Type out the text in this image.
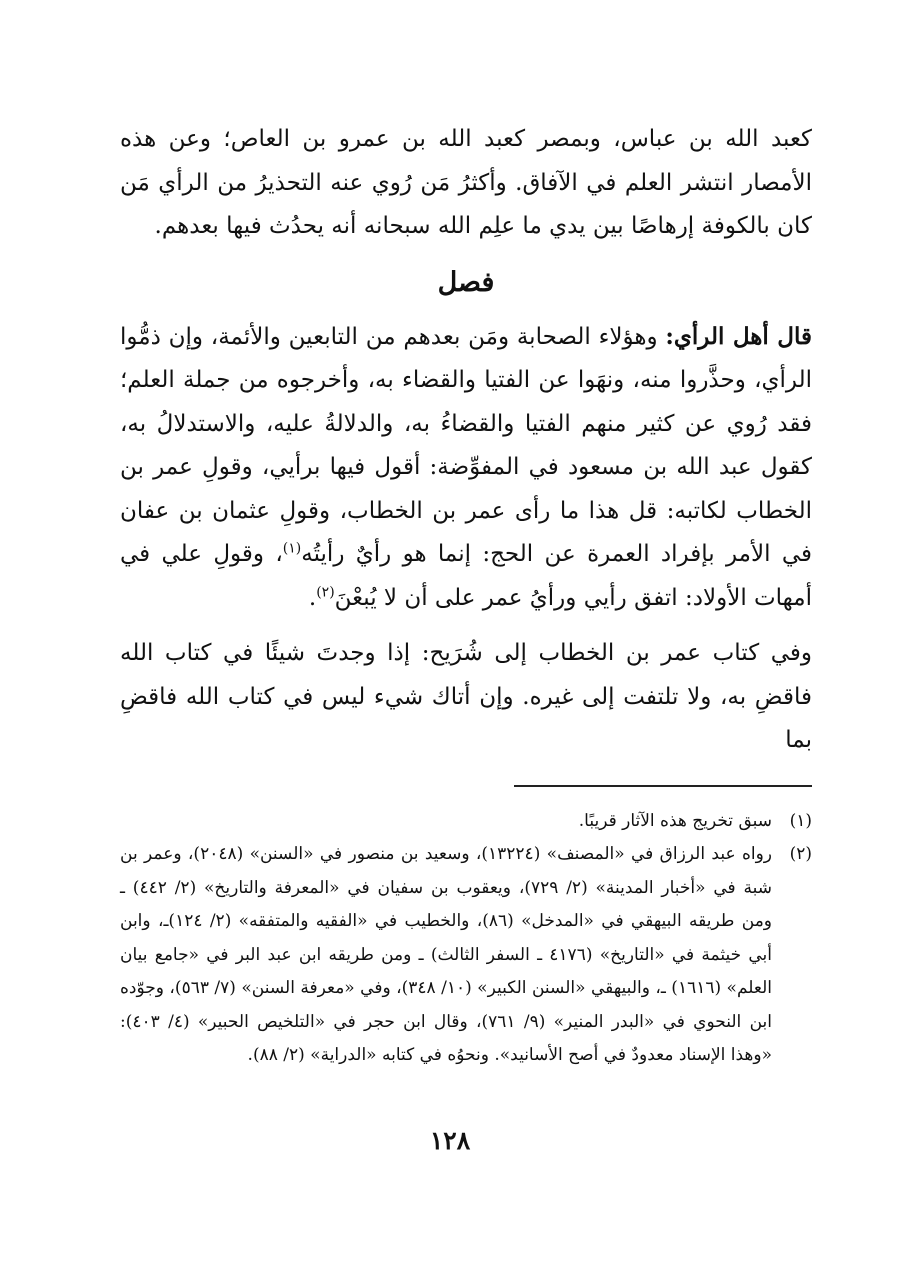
كعبد الله بن عباس، وبمصر كعبد الله بن عمرو بن العاص؛ وعن هذه الأمصار انتشر العلم في الآفاق. وأكثرُ مَن رُوي عنه التحذيرُ من الرأي مَن كان بالكوفة إرهاصًا بين يدي ما علِم الله سبحانه أنه يحدُث فيها بعدهم.

فصل

قال أهل الرأي: وهؤلاء الصحابة ومَن بعدهم من التابعين والأئمة، وإن ذمُّوا الرأي، وحذَّروا منه، ونهَوا عن الفتيا والقضاء به، وأخرجوه من جملة العلم؛ فقد رُوي عن كثير منهم الفتيا والقضاءُ به، والدلالةُ عليه، والاستدلالُ به، كقول عبد الله بن مسعود في المفوِّضة: أقول فيها برأيي، وقولِ عمر بن الخطاب لكاتبه: قل هذا ما رأى عمر بن الخطاب، وقولِ عثمان بن عفان في الأمر بإفراد العمرة عن الحج: إنما هو رأيٌ رأيتُه$^{(١)}$، وقولِ علي في أمهات الأولاد: اتفق رأيي ورأيُ عمر على أن لا يُبعْنَ$^{(٢)}$.

وفي كتاب عمر بن الخطاب إلى شُرَيح: إذا وجدتَ شيئًا في كتاب الله فاقضِ به، ولا تلتفت إلى غيره. وإن أتاك شيء ليس في كتاب الله فاقضِ بما

(١)
سبق تخريج هذه الآثار قريبًا.
(٢)
رواه عبد الرزاق في «المصنف» (١٣٢٢٤)، وسعيد بن منصور في «السنن» (٢٠٤٨)، وعمر بن شبة في «أخبار المدينة» (٢/ ٧٢٩)، ويعقوب بن سفيان في «المعرفة والتاريخ» (٢/ ٤٤٢) ـ ومن طريقه البيهقي في «المدخل» (٨٦)، والخطيب في «الفقيه والمتفقه» (٢/ ١٢٤)ـ، وابن أبي خيثمة في «التاريخ» (٤١٧٦ ـ السفر الثالث) ـ ومن طريقه ابن عبد البر في «جامع بيان العلم» (١٦١٦) ـ، والبيهقي «السنن الكبير» (١٠/ ٣٤٨)، وفي «معرفة السنن» (٧/ ٥٦٣)، وجوّده ابن النحوي في «البدر المنير» (٩/ ٧٦١)، وقال ابن حجر في «التلخيص الحبير» (٤/ ٤٠٣): «وهذا الإسناد معدودٌ في أصح الأسانيد». ونحوُه في كتابه «الدراية» (٢/ ٨٨).
١٢٨
